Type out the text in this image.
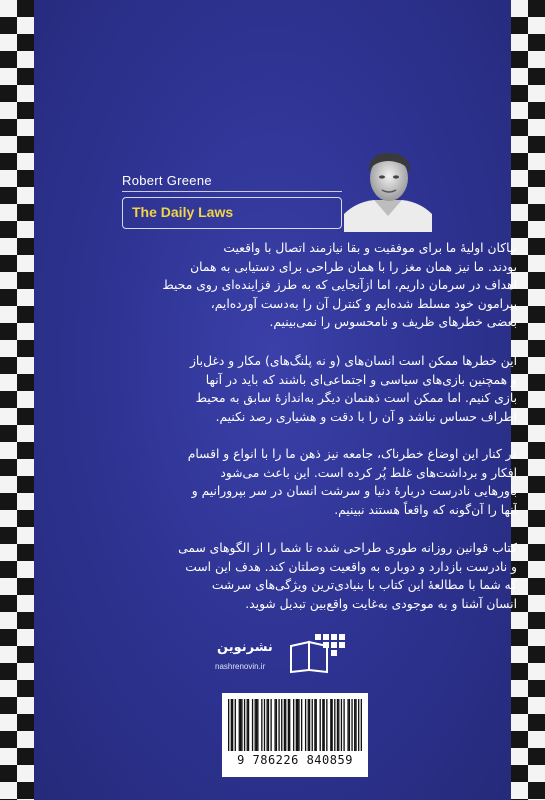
Robert Greene
The Daily Laws
نیاکان اولیهٔ ما برای موفقیت و بقا نیازمند اتصال با واقعیت
بودند. ما نیز همان مغز را با همان طراحی برای دستیابی به همان
اهداف در سرمان داریم، اما ازآنجایی که به طرز فزاینده‌ای روی محیط
پیرامون خود مسلط شده‌ایم و کنترل آن را به‌دست آورده‌ایم،
بعضی خطرهای ظریف و نامحسوس را نمی‌بینیم.
این خطرها ممکن است انسان‌های (و نه پلنگ‌های) مکار و دغل‌باز
و همچنین بازی‌های سیاسی و اجتماعی‌ای باشند که باید در آنها
بازی کنیم. اما ممکن است ذهنمان دیگر به‌اندازهٔ سابق به محیط
اطراف حساس نباشد و آن را با دقت و هشیاری رصد نکنیم.
در کنار این اوضاع خطرناک، جامعه نیز ذهن ما را با انواع و اقسام
افکار و برداشت‌های غلط پُر کرده است. این باعث می‌شود
باورهایی نادرست دربارهٔ دنیا و سرشت انسان در سر بپرورانیم و
آنها را آن‌گونه که واقعاً هستند نبینیم.
کتاب قوانین روزانه طوری طراحی شده تا شما را از الگوهای سمی
و نادرست بازدارد و دوباره به واقعیت وصلتان کند. هدف این است
که شما با مطالعهٔ این کتاب با بنیادی‌ترین ویژگی‌های سرشت
انسان آشنا و به موجودی به‌غایت واقع‌بین تبدیل شوید.
نشرنوین
nashrenovin.ir
9 786226 840859
